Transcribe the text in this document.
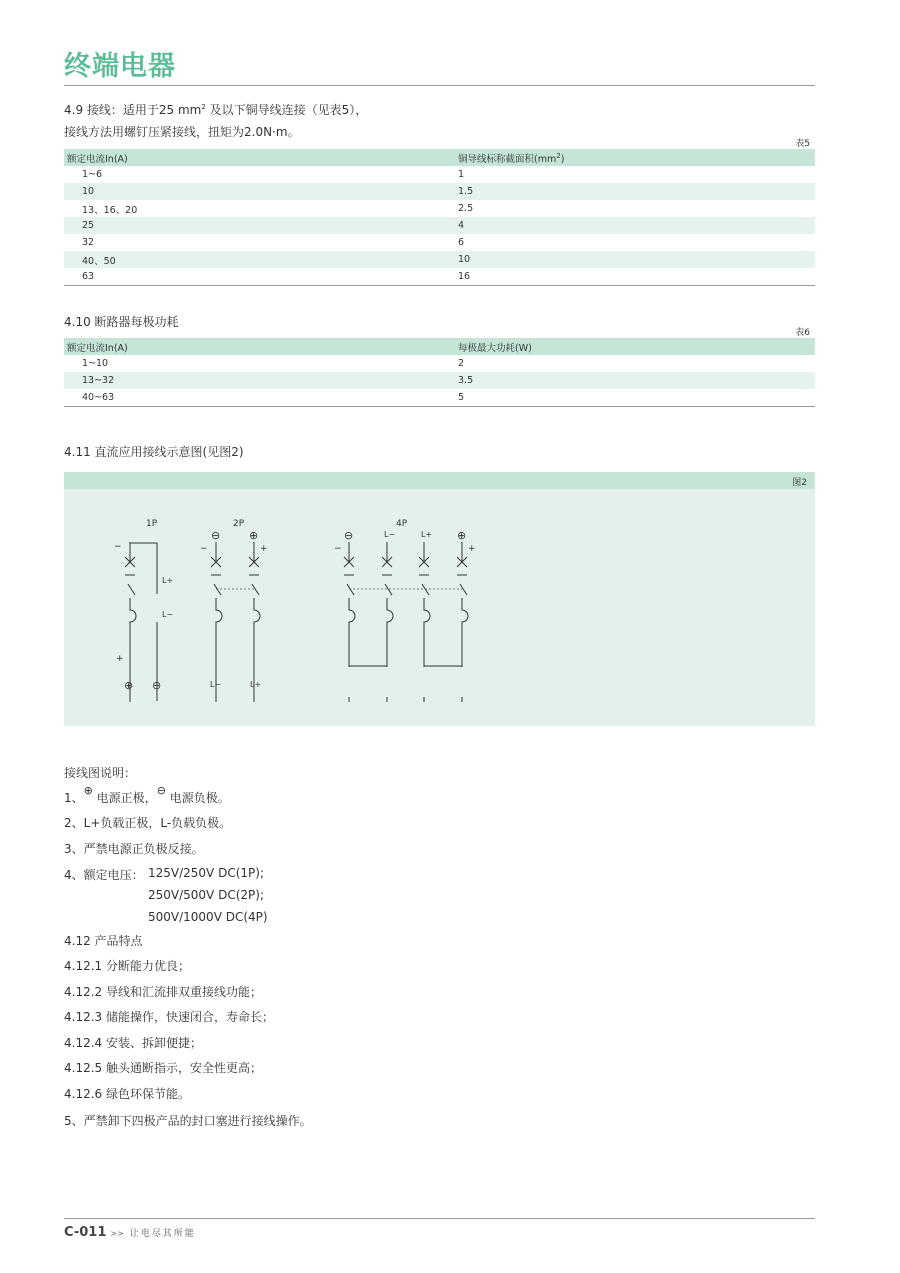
终端电器
4.9 接线：适用于25 $mm^2$ 及以下铜导线连接（见表5），
接线方法用螺钉压紧接线，扭矩为2.0N·m。
表5
额定电流In(A)	铜导线标称截面积$(mm^2)$
1~6	1
10	1.5
13、16、20	2.5
25	4
32	6
40、50	10
63	16
4.10 断路器每极功耗
表6
额定电流In(A)	每极最大功耗(W)
1~10	2
13~32	3.5
40~63	5
4.11 直流应用接线示意图(见图2)
图2
1P
−
L+
L−
+
⊕ ⊖
2P
⊖	⊕
−	+
L−	L+
4P
⊖	L−	L+ ⊕
−	+
接线图说明：
1、⊕ 电源正极，⊖ 电源负极。
2、L+负载正极，L-负载负极。
3、严禁电源正负极反接。
4、额定电压： 125V/250V DC(1P);
250V/500V DC(2P);
500V/1000V DC(4P)
4.12 产品特点
4.12.1 分断能力优良；
4.12.2 导线和汇流排双重接线功能；
4.12.3 储能操作，快速闭合，寿命长；
4.12.4 安装、拆卸便捷；
4.12.5 触头通断指示，安全性更高；
4.12.6 绿色环保节能。
5、严禁卸下四极产品的封口塞进行接线操作。
C-011 >> 让电尽其所能
